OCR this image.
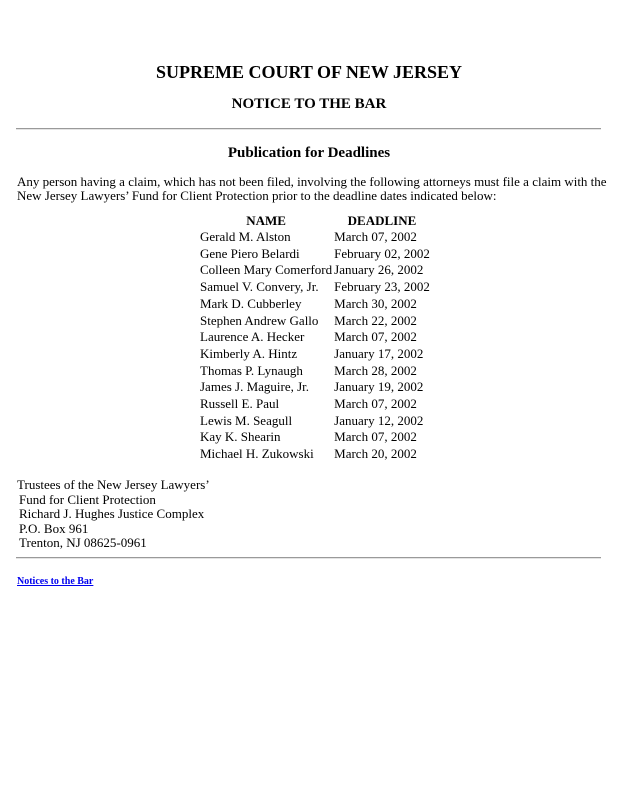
SUPREME COURT OF NEW JERSEY
NOTICE TO THE BAR
Publication for Deadlines

Any person having a claim, which has not been filed, involving the following attorneys must file a claim with the New Jersey Lawyers’ Fund for Client Protection prior to the deadline dates indicated below:

NAME	DEADLINE
Gerald M. Alston	March 07, 2002
Gene Piero Belardi	February 02, 2002
Colleen Mary Comerford	January 26, 2002
Samuel V. Convery, Jr.	February 23, 2002
Mark D. Cubberley	March 30, 2002
Stephen Andrew Gallo	March 22, 2002
Laurence A. Hecker	March 07, 2002
Kimberly A. Hintz	January 17, 2002
Thomas P. Lynaugh	March 28, 2002
James J. Maguire, Jr.	January 19, 2002
Russell E. Paul	March 07, 2002
Lewis M. Seagull	January 12, 2002
Kay K. Shearin	March 07, 2002
Michael H. Zukowski	March 20, 2002
Trustees of the New Jersey Lawyers’
Fund for Client Protection
Richard J. Hughes Justice Complex
P.O. Box 961
Trenton, NJ 08625-0961
Notices to the Bar
